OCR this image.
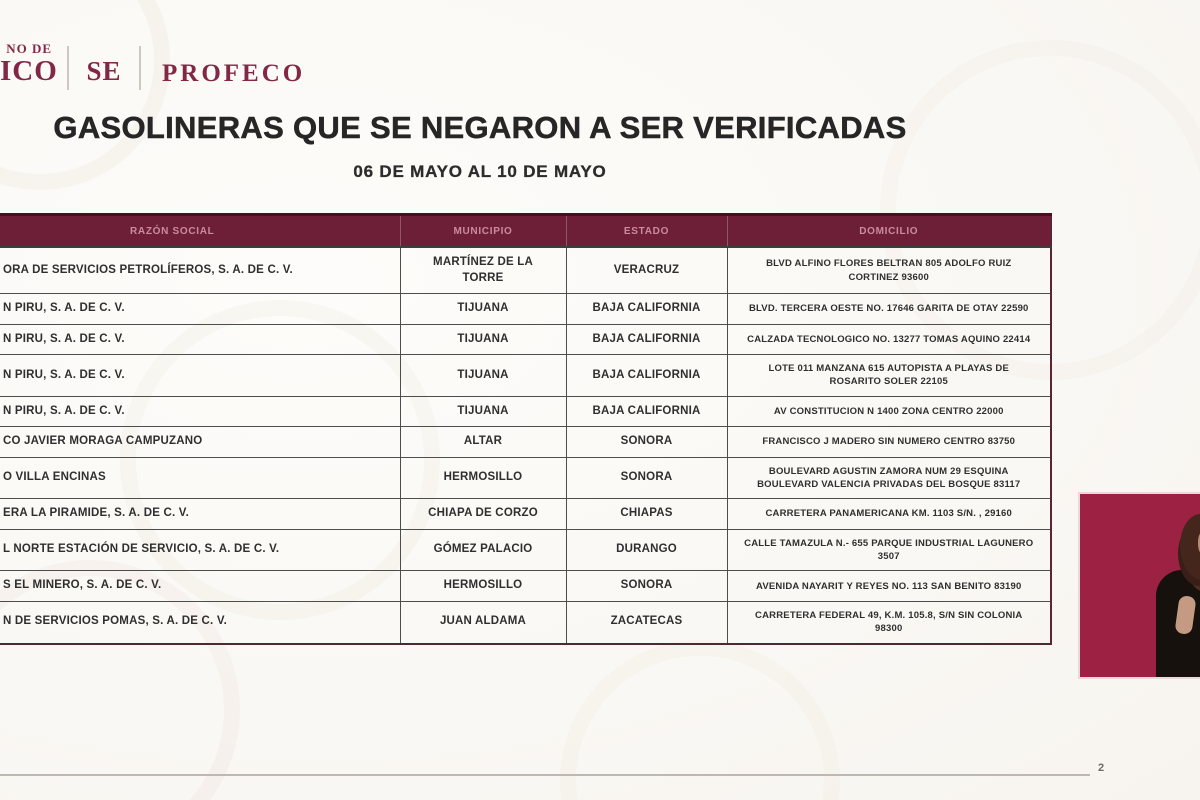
NO DE
ICO	SE	PROFECO
GASOLINERAS QUE SE NEGARON A SER VERIFICADAS
06 DE MAYO AL 10 DE MAYO
RAZÓN SOCIAL	MUNICIPIO	ESTADO	DOMICILIO
ORA DE SERVICIOS PETROLÍFEROS, S. A. DE C. V.	MARTÍNEZ DE LA TORRE	VERACRUZ	BLVD ALFINO FLORES BELTRAN 805 ADOLFO RUIZ CORTINEZ 93600
N PIRU, S. A. DE C. V.	TIJUANA	BAJA CALIFORNIA	BLVD. TERCERA OESTE NO. 17646 GARITA DE OTAY 22590
N PIRU, S. A. DE C. V.	TIJUANA	BAJA CALIFORNIA	CALZADA TECNOLOGICO NO. 13277 TOMAS AQUINO 22414
N PIRU, S. A. DE C. V.	TIJUANA	BAJA CALIFORNIA	LOTE 011 MANZANA 615 AUTOPISTA A PLAYAS DE ROSARITO SOLER 22105
N PIRU, S. A. DE C. V.	TIJUANA	BAJA CALIFORNIA	AV CONSTITUCION N 1400 ZONA CENTRO 22000
CO JAVIER MORAGA CAMPUZANO	ALTAR	SONORA	FRANCISCO J MADERO SIN NUMERO CENTRO 83750
O VILLA ENCINAS	HERMOSILLO	SONORA	BOULEVARD AGUSTIN ZAMORA NUM 29 ESQUINA BOULEVARD VALENCIA PRIVADAS DEL BOSQUE 83117
ERA LA PIRAMIDE, S. A. DE C. V.	CHIAPA DE CORZO	CHIAPAS	CARRETERA PANAMERICANA KM. 1103 S/N. , 29160
L NORTE ESTACIÓN DE SERVICIO, S. A. DE C. V.	GÓMEZ PALACIO	DURANGO	CALLE TAMAZULA N.- 655 PARQUE INDUSTRIAL LAGUNERO 3507
S EL MINERO, S. A. DE C. V.	HERMOSILLO	SONORA	AVENIDA NAYARIT Y REYES NO. 113 SAN BENITO 83190
N DE SERVICIOS POMAS, S. A. DE C. V.	JUAN ALDAMA	ZACATECAS	CARRETERA FEDERAL 49, K.M. 105.8, S/N SIN COLONIA 98300
2
